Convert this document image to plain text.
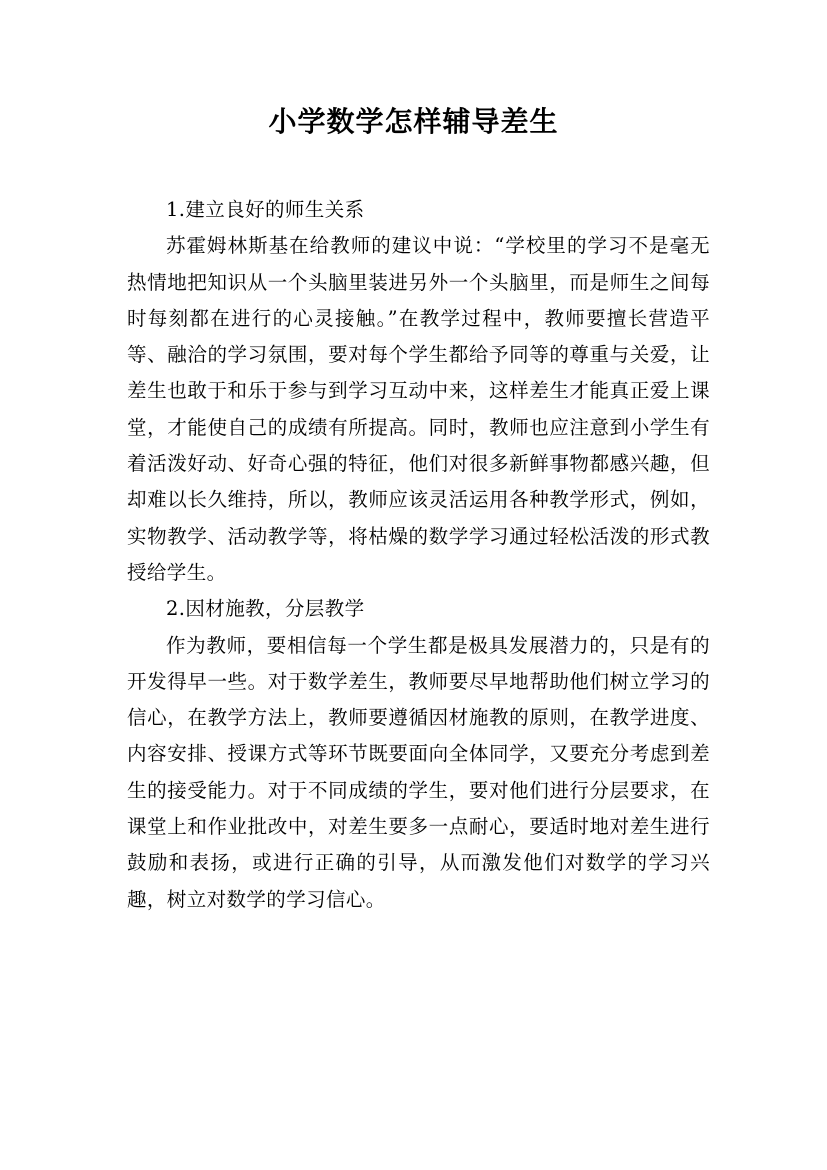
小学数学怎样辅导差生

1.建立良好的师生关系

苏霍姆林斯基在给教师的建议中说：“学校里的学习不是毫无热情地把知识从一个头脑里装进另外一个头脑里，而是师生之间每时每刻都在进行的心灵接触。”在教学过程中，教师要擅长营造平等、融洽的学习氛围，要对每个学生都给予同等的尊重与关爱，让差生也敢于和乐于参与到学习互动中来，这样差生才能真正爱上课堂，才能使自己的成绩有所提高。同时，教师也应注意到小学生有着活泼好动、好奇心强的特征，他们对很多新鲜事物都感兴趣，但却难以长久维持，所以，教师应该灵活运用各种教学形式，例如，实物教学、活动教学等，将枯燥的数学学习通过轻松活泼的形式教授给学生。

2.因材施教，分层教学

作为教师，要相信每一个学生都是极具发展潜力的，只是有的开发得早一些。对于数学差生，教师要尽早地帮助他们树立学习的信心，在教学方法上，教师要遵循因材施教的原则，在教学进度、内容安排、授课方式等环节既要面向全体同学，又要充分考虑到差生的接受能力。对于不同成绩的学生，要对他们进行分层要求，在课堂上和作业批改中，对差生要多一点耐心，要适时地对差生进行鼓励和表扬，或进行正确的引导，从而激发他们对数学的学习兴趣，树立对数学的学习信心。
